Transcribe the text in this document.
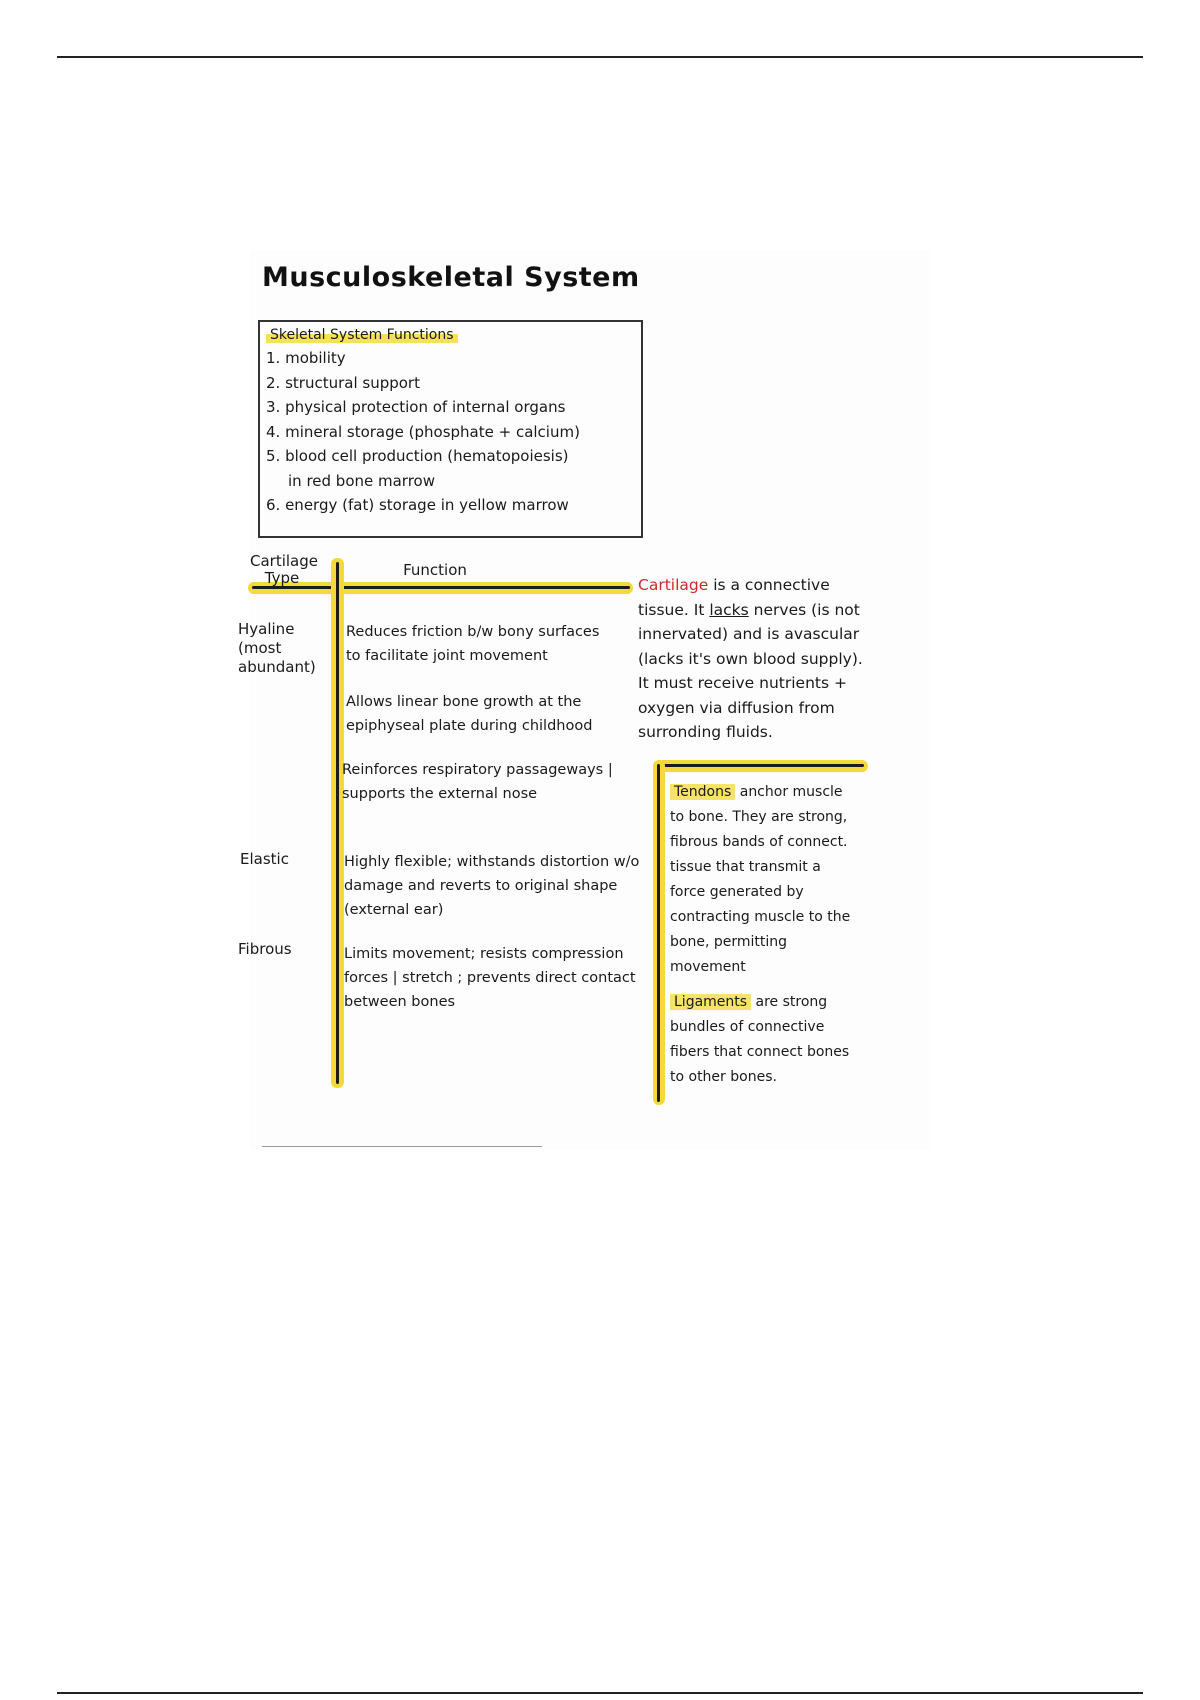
Musculoskeletal System
Skeletal System Functions
1. mobility
2. structural support
3. physical protection of internal organs
4. mineral storage (phosphate + calcium)
5. blood cell production (hematopoiesis)
in red bone marrow
6. energy (fat) storage in yellow marrow
Cartilage Type	Function
Hyaline (most abundant)
Elastic
Fibrous
Reduces friction b/w bony surfaces to facilitate joint movement
Allows linear bone growth at the epiphyseal plate during childhood
Reinforces respiratory passageways | supports the external nose
Highly flexible; withstands distortion w/o damage and reverts to original shape (external ear)
Limits movement; resists compression forces | stretch ; prevents direct contact between bones
Cartilage is a connective tissue. It lacks nerves (is not innervated) and is avascular (lacks it's own blood supply). It must receive nutrients + oxygen via diffusion from surronding fluids.
Tendons anchor muscle to bone. They are strong, fibrous bands of connect. tissue that transmit a force generated by contracting muscle to the bone, permitting movement
Ligaments are strong bundles of connective fibers that connect bones to other bones.
